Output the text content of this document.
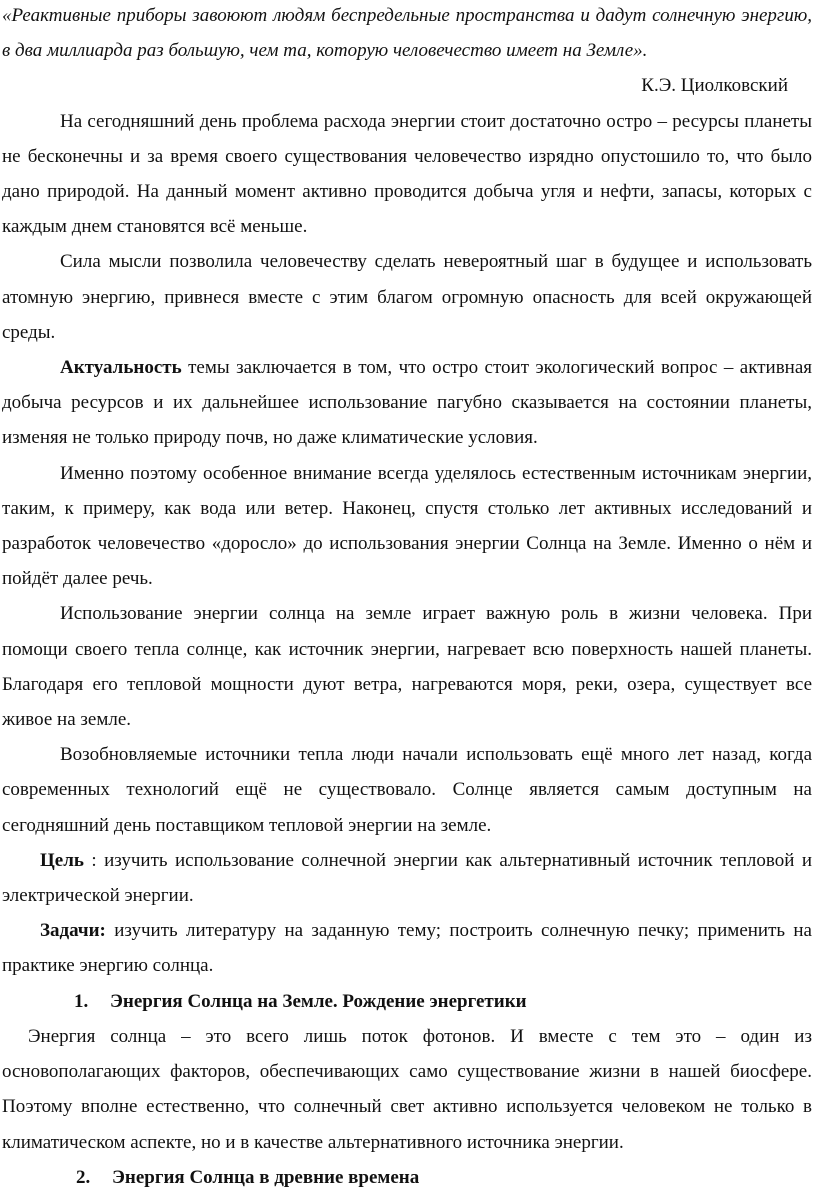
«Реактивные приборы завоюют людям беспредельные пространства и дадут солнечную энергию, в два миллиарда раз большую, чем та, которую человечество имеет на Земле».

К.Э. Циолковский

На сегодняшний день проблема расхода энергии стоит достаточно остро – ресурсы планеты не бесконечны и за время своего существования человечество изрядно опустошило то, что было дано природой. На данный момент активно проводится добыча угля и нефти, запасы, которых с каждым днем становятся всё меньше.

Сила мысли позволила человечеству сделать невероятный шаг в будущее и использовать атомную энергию, привнеся вместе с этим благом огромную опасность для всей окружающей среды.

Актуальность темы заключается в том, что остро стоит экологический вопрос – активная добыча ресурсов и их дальнейшее использование пагубно сказывается на состоянии планеты, изменяя не только природу почв, но даже климатические условия.

Именно поэтому особенное внимание всегда уделялось естественным источникам энергии, таким, к примеру, как вода или ветер. Наконец, спустя столько лет активных исследований и разработок человечество «доросло» до использования энергии Солнца на Земле. Именно о нём и пойдёт далее речь.

Использование энергии солнца на земле играет важную роль в жизни человека. При помощи своего тепла солнце, как источник энергии, нагревает всю поверхность нашей планеты. Благодаря его тепловой мощности дуют ветра, нагреваются моря, реки, озера, существует все живое на земле.

Возобновляемые источники тепла люди начали использовать ещё много лет назад, когда современных технологий ещё не существовало. Солнце является самым доступным на сегодняшний день поставщиком тепловой энергии на земле.

Цель : изучить использование солнечной энергии как альтернативный источник тепловой и электрической энергии.

Задачи: изучить литературу на заданную тему; построить солнечную печку; применить на практике энергию солнца.

1. Энергия Солнца на Земле. Рождение энергетики

Энергия солнца – это всего лишь поток фотонов. И вместе с тем это – один из основополагающих факторов, обеспечивающих само существование жизни в нашей биосфере. Поэтому вполне естественно, что солнечный свет активно используется человеком не только в климатическом аспекте, но и в качестве альтернативного источника энергии.

2. Энергия Солнца в древние времена
